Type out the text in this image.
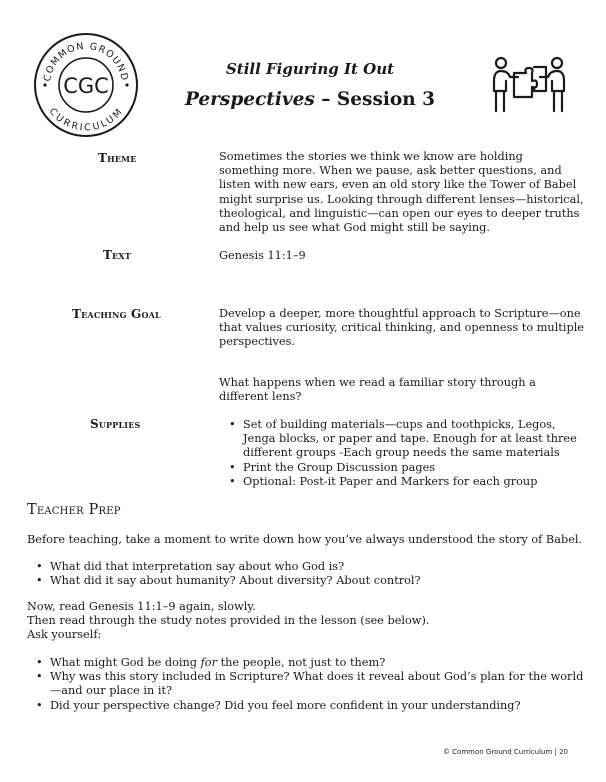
COMMON GROUND
CURRICULUM
CGC
Still Figuring It Out
Perspectives – Session 3
Theme	Sometimes the stories we think we know are holding something more. When we pause, ask better questions, and listen with new ears, even an old story like the Tower of Babel might surprise us. Looking through different lenses—historical, theological, and linguistic—can open our eyes to deeper truths and help us see what God might still be saying.
Text	Genesis 11:1–9
Teaching Goal	Develop a deeper, more thoughtful approach to Scripture—one that values curiosity, critical thinking, and openness to multiple perspectives.
What happens when we read a familiar story through a different lens?
Supplies
•	Set of building materials—cups and toothpicks, Legos, Jenga blocks, or paper and tape. Enough for at least three different groups -Each group needs the same materials
• Print the Group Discussion pages
• Optional: Post-it Paper and Markers for each group
Teacher Prep
Before teaching, take a moment to write down how you’ve always understood the story of Babel.
• What did that interpretation say about who God is?
• What did it say about humanity? About diversity? About control?
Now, read Genesis 11:1–9 again, slowly.
Then read through the study notes provided in the lesson (see below).
Ask yourself:
• What might God be doing for the people, not just to them?
• Why was this story included in Scripture? What does it reveal about God’s plan for the world—and our place in it?
• Did your perspective change? Did you feel more confident in your understanding?
© Common Ground Curriculum | 20
